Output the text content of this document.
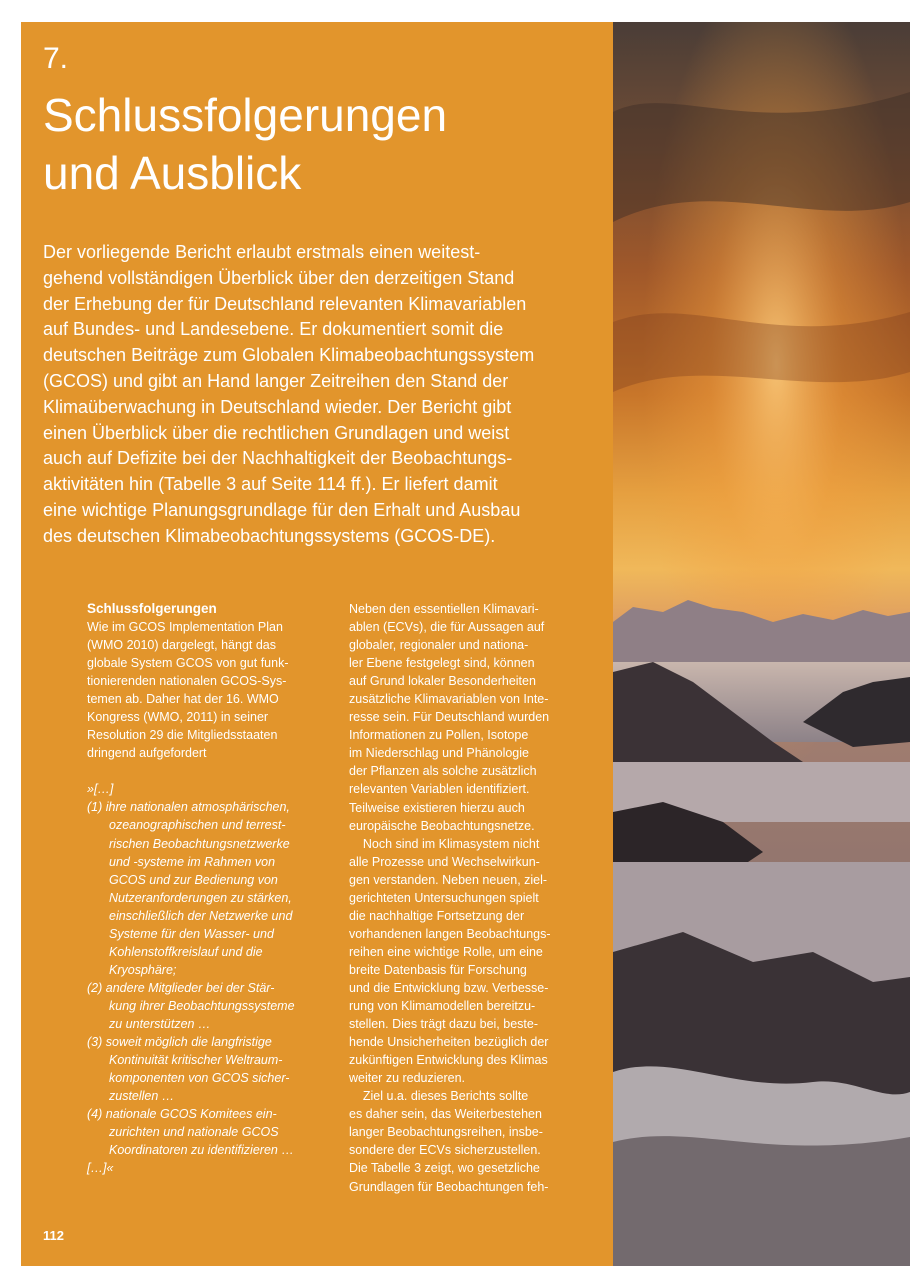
7.
Schlussfolgerungen
und Ausblick
Der vorliegende Bericht erlaubt erstmals einen weitest-
gehend vollständigen Überblick über den derzeitigen Stand
der Erhebung der für Deutschland relevanten Klimavariablen
auf Bundes- und Landesebene. Er dokumentiert somit die
deutschen Beiträge zum Globalen Klimabeobachtungssystem
(GCOS) und gibt an Hand langer Zeitreihen den Stand der
Klimaüberwachung in Deutschland wieder. Der Bericht gibt
einen Überblick über die rechtlichen Grundlagen und weist
auch auf Defizite bei der Nachhaltigkeit der Beobachtungs-
aktivitäten hin (Tabelle 3 auf Seite 114 ff.). Er liefert damit
eine wichtige Planungsgrundlage für den Erhalt und Ausbau
des deutschen Klimabeobachtungssystems (GCOS-DE).
Schlussfolgerungen
Wie im GCOS Implementation Plan
(WMO 2010) dargelegt, hängt das
globale System GCOS von gut funk-
tionierenden nationalen GCOS-Sys-
temen ab. Daher hat der 16. WMO
Kongress (WMO, 2011) in seiner
Resolution 29 die Mitgliedsstaaten
dringend aufgefordert
»[…]
(1) ihre nationalen atmosphärischen,
ozeanographischen und terrest-
rischen Beobachtungsnetzwerke
und -systeme im Rahmen von
GCOS und zur Bedienung von
Nutzeranforderungen zu stärken,
einschließlich der Netzwerke und
Systeme für den Wasser- und
Kohlenstoffkreislauf und die
Kryosphäre;
(2) andere Mitglieder bei der Stär-
kung ihrer Beobachtungssysteme
zu unterstützen …
(3) soweit möglich die langfristige
Kontinuität kritischer Weltraum-
komponenten von GCOS sicher-
zustellen …
(4) nationale GCOS Komitees ein-
zurichten und nationale GCOS
Koordinatoren zu identifizieren …
[…]«
Neben den essentiellen Klimavari-
ablen (ECVs), die für Aussagen auf
globaler, regionaler und nationa-
ler Ebene festgelegt sind, können
auf Grund lokaler Besonderheiten
zusätzliche Klimavariablen von Inte-
resse sein. Für Deutschland wurden
Informationen zu Pollen, Isotope
im Niederschlag und Phänologie
der Pflanzen als solche zusätzlich
relevanten Variablen identifiziert.
Teilweise existieren hierzu auch
europäische Beobachtungsnetze.
Noch sind im Klimasystem nicht
alle Prozesse und Wechselwirkun-
gen verstanden. Neben neuen, ziel-
gerichteten Untersuchungen spielt
die nachhaltige Fortsetzung der
vorhandenen langen Beobachtungs-
reihen eine wichtige Rolle, um eine
breite Datenbasis für Forschung
und die Entwicklung bzw. Verbesse-
rung von Klimamodellen bereitzu-
stellen. Dies trägt dazu bei, beste-
hende Unsicherheiten bezüglich der
zukünftigen Entwicklung des Klimas
weiter zu reduzieren.
Ziel u.a. dieses Berichts sollte
es daher sein, das Weiterbestehen
langer Beobachtungsreihen, insbe-
sondere der ECVs sicherzustellen.
Die Tabelle 3 zeigt, wo gesetzliche
Grundlagen für Beobachtungen feh-
112
